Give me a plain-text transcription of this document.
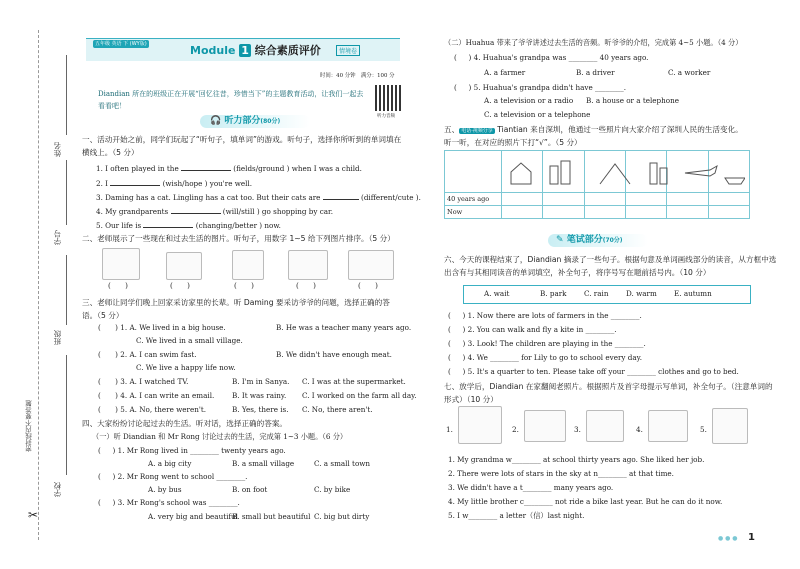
姓名
学号
班级
学校
密封线内不要答题
✂
五年级 英语 下 (WY版)	Module 1 综合素质评价	情境卷
时间：40 分钟　满分：100 分
听力音频
Diandian 所在的班级正在开展“回忆往昔，珍惜当下”的主题教育活动，让我们一起去看看吧！
🎧 听力部分(80分)
一、活动开始之前，同学们玩起了“听句子，填单词”的游戏。听句子，选择你所听到的单词填在横线上。（5 分）
1. I often played in the	(fields/ground ) when I was a child.
2. I	(wish/hope ) you're well.
3. Daming has a cat. Lingling has a cat too. But their cats are	(different/cute ).
4. My grandparents	(will/still ) go shopping by car.
5. Our life is	(changing/better ) now.
二、老师展示了一些现在和过去生活的图片。听句子，用数字 1~5 给下列图片排序。（5 分）
(　　)	(　　)	(　　)	(　　)	(　　)
三、老师让同学们晚上回家采访家里的长辈。听 Daming 要采访爷爷的问题，选择正确的答语。（5 分）
(　　) 1. A. We lived in a big house.	B. He was a teacher many years ago.
C. We lived in a small village.
(　　) 2. A. I can swim fast.	B. We didn't have enough meat.
C. We live a happy life now.
(　　) 3. A. I watched TV.	B. I'm in Sanya. C. I was at the supermarket.
(　　) 4. A. I can write an email. B. It was rainy. C. I worked on the farm all day.
(　　) 5. A. No, there weren't.	B. Yes, there is. C. No, there aren't.
四、大家纷纷讨论起过去的生活。听对话，选择正确的答案。
（一）听 Diandian 和 Mr Rong 讨论过去的生活，完成第 1~3 小题。（6 分）
( 　 ) 1. Mr Rong lived in ________ twenty years ago.
A. a big city	B. a small village	C. a small town
( 　 ) 2. Mr Rong went to school ________.
A. by bus	B. on foot	C. by bike
( 　 ) 3. Mr Rong's school was ________.
A. very big and beautiful
B. small but beautiful C. big but dirty
（二）Huahua 带来了爷爷讲述过去生活的音频。听爷爷的介绍，完成第 4~5 小题。（4 分）
( 　 ) 4. Huahua's grandpa was ________ 40 years ago.
A. a farmer	B. a driver	C. a worker
( 　 ) 5. Huahua's grandpa didn't have ________.
A. a television or a radio B. a house or a telephone
C. a television or a telephone
五、 电话·视频分享 Tiantian 来自深圳，他通过一些照片向大家介绍了深圳人民的生活变化。
听一听，在对应的照片下打“√”。（5 分）

40 years ago						
Now						
✎ 笔试部分(70分)
六、今天的课程结束了，Diandian 摘录了一些句子。根据句意及单词画线部分的读音，从方框中选出含有与其相同读音的单词填空，补全句子，将序号写在题前括号内。（10 分）
A. wait	B. park C. rain D. warm E. autumn
( 　 ) 1. Now there are lots of farmers in the ________.
( 　 ) 2. You can walk and fly a kite in ________.
( 　 ) 3. Look! The children are playing in the ________.
( 　 ) 4. We ________ for Lily to go to school every day.
( 　 ) 5. It's a quarter to ten. Please take off your ________ clothes and go to bed.
七、放学后，Diandian 在家翻阅老照片。根据照片及首字母提示写单词，补全句子。（注意单词的形式）（10 分）
1.	2.	3.	4.	5.
1. My grandma w________ at school thirty years ago. She liked her job.
2. There were lots of stars in the sky at n________ at that time.
3. We didn't have a t________ many years ago.
4. My little brother c________ not ride a bike last year. But he can do it now.
5. I w________ a letter（信）last night.
● ● ● 1
